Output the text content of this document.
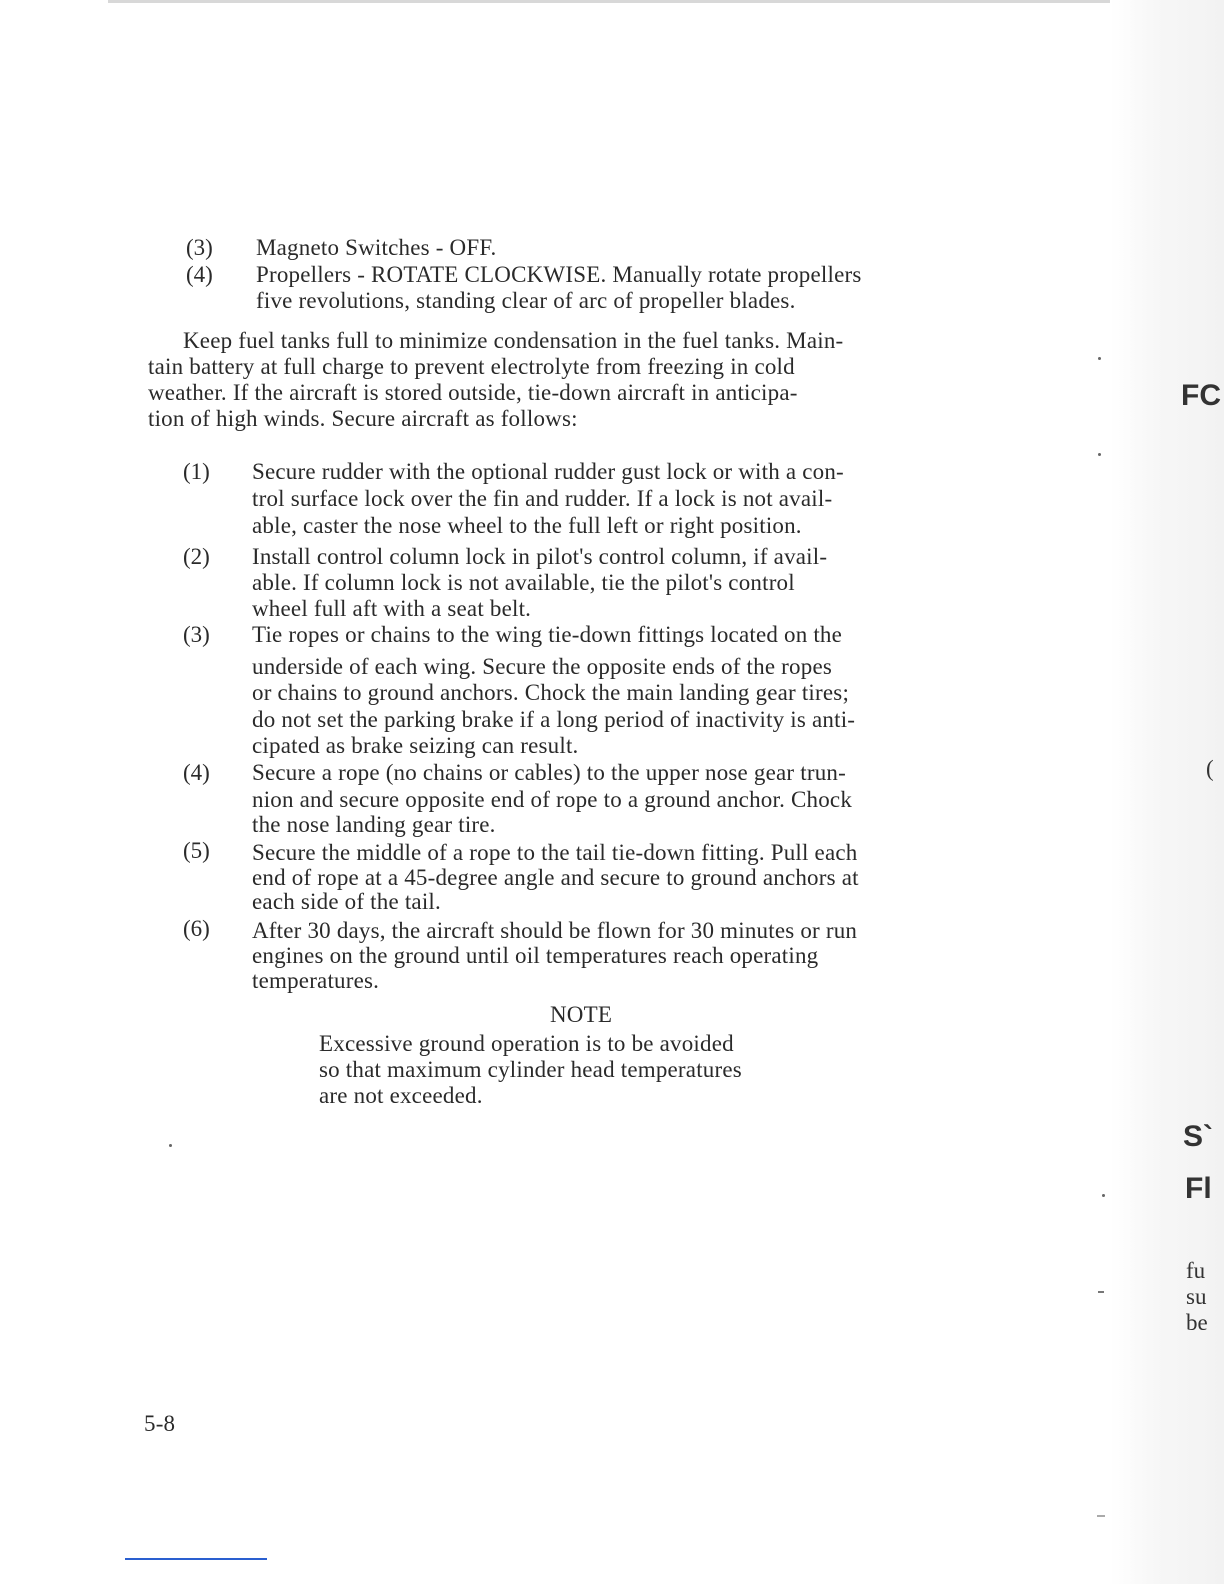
(3) Magneto Switches - OFF.
(4) Propellers - ROTATE CLOCKWISE. Manually rotate propellers
five revolutions, standing clear of arc of propeller blades.
Keep fuel tanks full to minimize condensation in the fuel tanks. Main-
tain battery at full charge to prevent electrolyte from freezing in cold
weather. If the aircraft is stored outside, tie-down aircraft in anticipa-
tion of high winds. Secure aircraft as follows:
(1) Secure rudder with the optional rudder gust lock or with a con-
trol surface lock over the fin and rudder. If a lock is not avail-
able, caster the nose wheel to the full left or right position.
(2) Install control column lock in pilot's control column, if avail-
able. If column lock is not available, tie the pilot's control
wheel full aft with a seat belt.
(3) Tie ropes or chains to the wing tie-down fittings located on the
underside of each wing. Secure the opposite ends of the ropes
or chains to ground anchors. Chock the main landing gear tires;
do not set the parking brake if a long period of inactivity is anti-
cipated as brake seizing can result.
(4) Secure a rope (no chains or cables) to the upper nose gear trun-
nion and secure opposite end of rope to a ground anchor. Chock
the nose landing gear tire.
(5) Secure the middle of a rope to the tail tie-down fitting. Pull each
end of rope at a 45-degree angle and secure to ground anchors at
each side of the tail.
(6) After 30 days, the aircraft should be flown for 30 minutes or run
engines on the ground until oil temperatures reach operating
temperatures.
NOTE
Excessive ground operation is to be avoided
so that maximum cylinder head temperatures
are not exceeded.
5-8
FC
(
S`
Fl
fu
su
be
